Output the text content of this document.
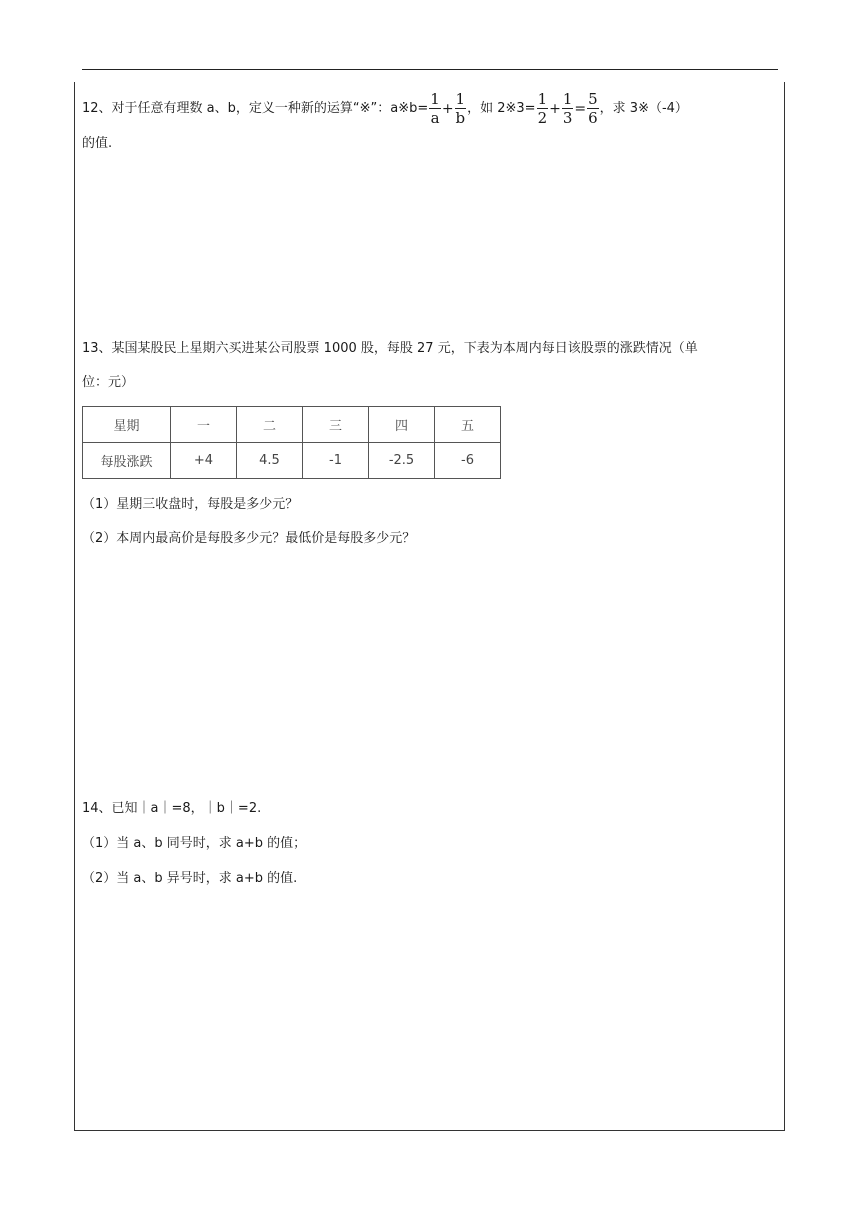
12、对于任意有理数 a、b，定义一种新的运算“※”：a※b= $\frac{1}{a} + \frac{1}{b}$ ，如 2※3= $\frac{1}{2} + \frac{1}{3} = \frac{5}{6}$ ，求 3※（-4）
的值.
13、某国某股民上星期六买进某公司股票 1000 股，每股 27 元，下表为本周内每日该股票的涨跌情况（单
位：元）
星期	一	二	三	四	五
每股涨跌	+4	4.5	-1	-2.5	-6
（1）星期三收盘时，每股是多少元？
（2）本周内最高价是每股多少元？最低价是每股多少元？
14、已知｜a｜=8，｜b｜=2.
（1）当 a、b 同号时，求 a+b 的值；
（2）当 a、b 异号时，求 a+b 的值.
